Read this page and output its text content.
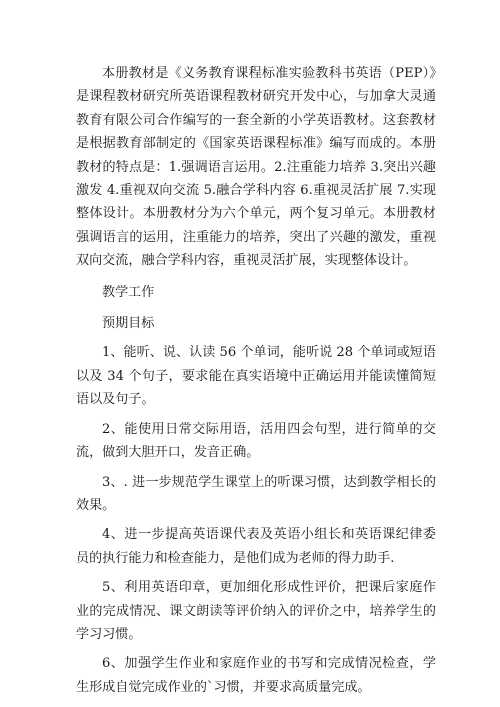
本册教材是《义务教育课程标准实验教科书英语（PEP）》是课程教材研究所英语课程教材研究开发中心，与加拿大灵通教育有限公司合作编写的一套全新的小学英语教材。这套教材是根据教育部制定的《国家英语课程标准》编写而成的。本册教材的特点是：1.强调语言运用。2.注重能力培养 3.突出兴趣激发 4.重视双向交流 5.融合学科内容 6.重视灵活扩展 7.实现整体设计。本册教材分为六个单元，两个复习单元。本册教材强调语言的运用，注重能力的培养，突出了兴趣的激发，重视双向交流，融合学科内容，重视灵活扩展，实现整体设计。

教学工作

预期目标

1、能听、说、认读 56 个单词，能听说 28 个单词或短语以及 34 个句子，要求能在真实语境中正确运用并能读懂简短语以及句子。

2、能使用日常交际用语，活用四会句型，进行简单的交流，做到大胆开口，发音正确。

3、. 进一步规范学生课堂上的听课习惯，达到教学相长的效果。

4、进一步提高英语课代表及英语小组长和英语课纪律委员的执行能力和检查能力，是他们成为老师的得力助手.

5、利用英语印章，更加细化形成性评价，把课后家庭作业的完成情况、课文朗读等评价纳入的评价之中，培养学生的学习习惯。

6、加强学生作业和家庭作业的书写和完成情况检查，学生形成自觉完成作业的`习惯，并要求高质量完成。
